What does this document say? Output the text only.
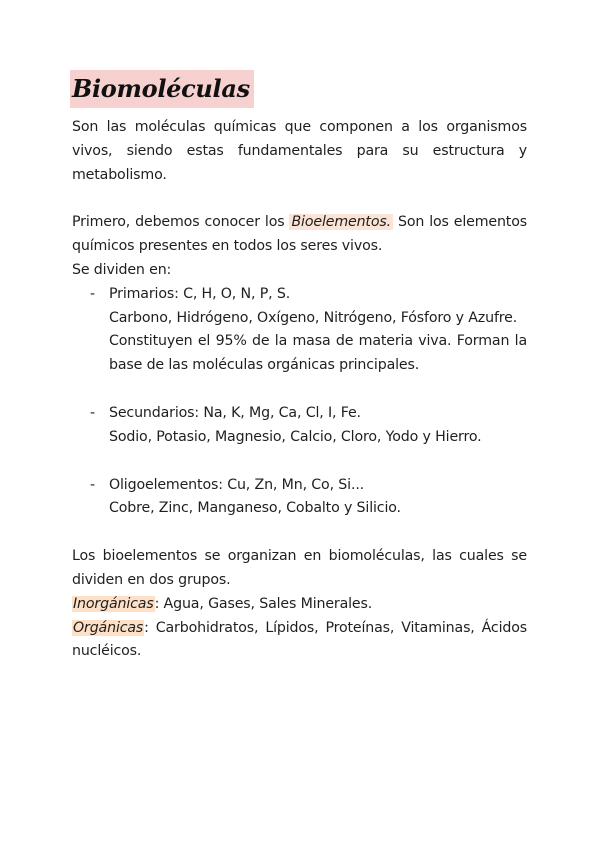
Biomoléculas

Son las moléculas químicas que componen a los organismos vivos, siendo estas fundamentales para su estructura y metabolismo.

Primero, debemos conocer los Bioelementos. Son los elementos químicos presentes en todos los seres vivos.

Se dividen en:

- Primarios: C, H, O, N, P, S.
Carbono, Hidrógeno, Oxígeno, Nitrógeno, Fósforo y Azufre.
Constituyen el 95% de la masa de materia viva. Forman la base de las moléculas orgánicas principales.
- Secundarios: Na, K, Mg, Ca, Cl, I, Fe.
Sodio, Potasio, Magnesio, Calcio, Cloro, Yodo y Hierro.
- Oligoelementos: Cu, Zn, Mn, Co, Si...
Cobre, Zinc, Manganeso, Cobalto y Silicio.

Los bioelementos se organizan en biomoléculas, las cuales se dividen en dos grupos.

Inorgánicas: Agua, Gases, Sales Minerales.

Orgánicas: Carbohidratos, Lípidos, Proteínas, Vitaminas, Ácidos nucléicos.
